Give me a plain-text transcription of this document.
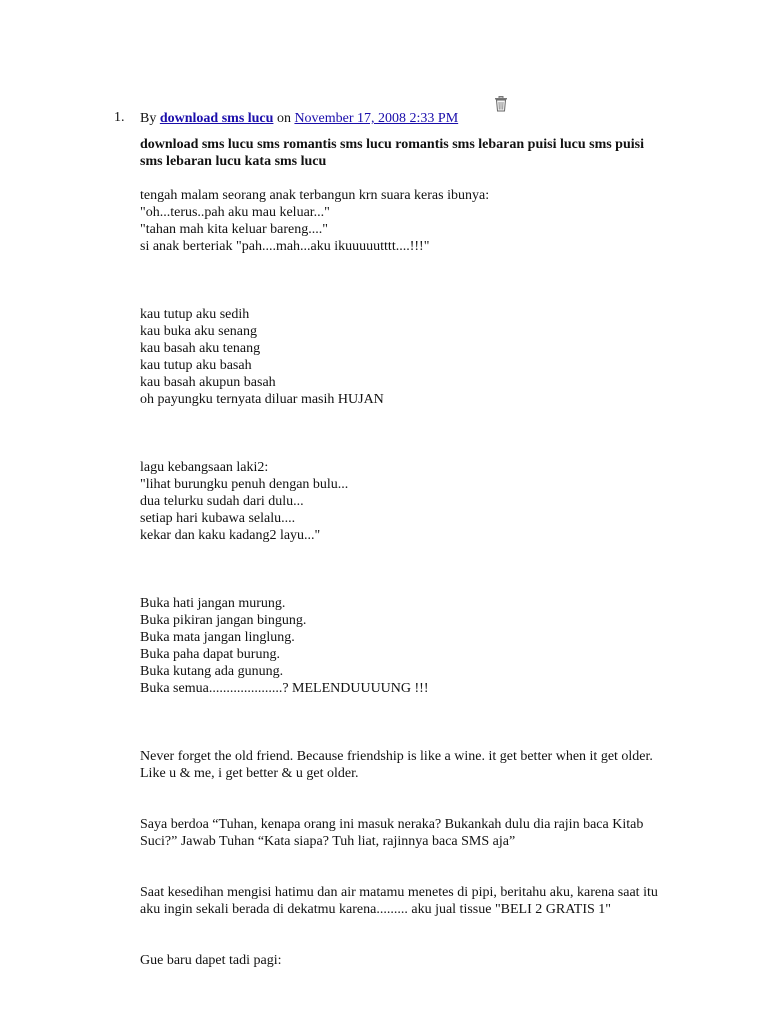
1. By download sms lucu on November 17, 2008 2:33 PM
download sms lucu sms romantis sms lucu romantis sms lebaran puisi lucu sms puisi sms lebaran lucu kata sms lucu
tengah malam seorang anak terbangun krn suara keras ibunya:
"oh...terus..pah aku mau keluar..."
"tahan mah kita keluar bareng...."
si anak berteriak "pah....mah...aku ikuuuuutttt....!!!"
kau tutup aku sedih
kau buka aku senang
kau basah aku tenang
kau tutup aku basah
kau basah akupun basah
oh payungku ternyata diluar masih HUJAN
lagu kebangsaan laki2:
"lihat burungku penuh dengan bulu...
dua telurku sudah dari dulu...
setiap hari kubawa selalu....
kekar dan kaku kadang2 layu..."
Buka hati jangan murung.
Buka pikiran jangan bingung.
Buka mata jangan linglung.
Buka paha dapat burung.
Buka kutang ada gunung.
Buka semua.....................? MELENDUUUUNG !!!
Never forget the old friend. Because friendship is like a wine. it get better when it get older. Like u & me, i get better & u get older.
Saya berdoa “Tuhan, kenapa orang ini masuk neraka? Bukankah dulu dia rajin baca Kitab Suci?” Jawab Tuhan “Kata siapa? Tuh liat, rajinnya baca SMS aja”
Saat kesedihan mengisi hatimu dan air matamu menetes di pipi, beritahu aku, karena saat itu aku ingin sekali berada di dekatmu karena......... aku jual tissue "BELI 2 GRATIS 1"
Gue baru dapet tadi pagi:
